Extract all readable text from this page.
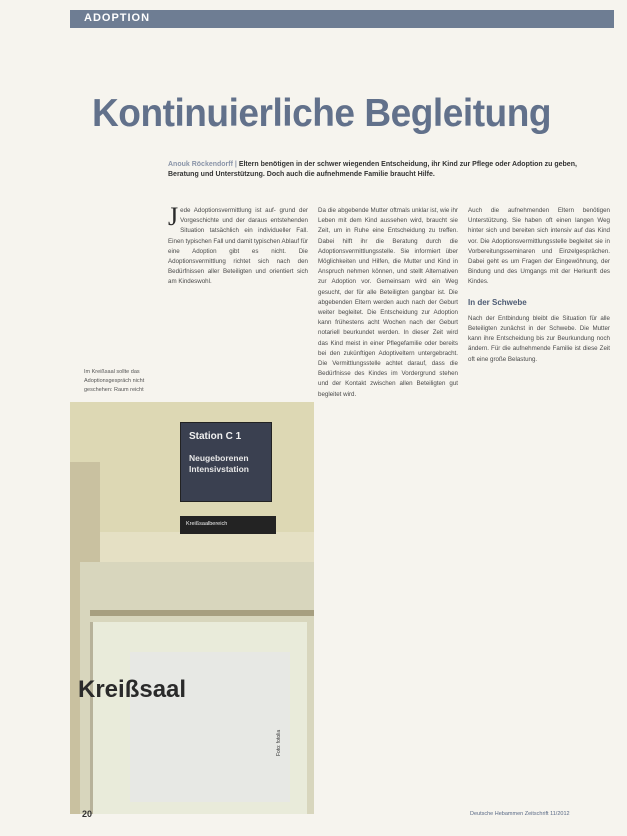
ADOPTION
Kontinuierliche Begleitung
Anouk Röckendorff | Eltern benötigen in der schwer wiegenden Entscheidung, ihr Kind zur Pflege oder Adoption zu geben, Beratung und Unterstützung. Doch auch die aufnehmende Familie braucht Hilfe.
J ede Adoptionsvermittlung ist auf- grund der Vorgeschichte und der daraus entstehenden Situation tatsächlich ein individueller Fall. Einen typischen Fall und damit typischen Ablauf für eine Adoption gibt es nicht. Die Adoptionsvermittlung richtet sich nach den Bedürfnissen aller Beteiligten und orientiert sich am Kindeswohl.

Da die abgebende Mutter oftmals unklar ist, wie ihr Leben mit dem Kind aussehen wird, braucht sie Zeit, um in Ruhe eine Entscheidung zu treffen. Dabei hilft ihr die Beratung durch die Adoptionsvermittlungsstelle. Sie informiert über Möglichkeiten und Hilfen, die Mutter und Kind in Anspruch nehmen können, und stellt Alternativen zur Adoption vor. Gemeinsam wird ein Weg gesucht, der für alle Beteiligten gangbar ist. Die abgebenden Eltern werden auch nach der Geburt weiter begleitet. Die Entscheidung zur Adoption kann frühestens acht Wochen nach der Geburt notariell beurkundet werden. In dieser Zeit wird das Kind meist in einer Pflegefamilie oder bereits bei den zukünftigen Adoptiveltern untergebracht. Die Vermittlungsstelle achtet darauf, dass die Bedürfnisse des Kindes im Vordergrund stehen und der Kontakt zwischen allen Beteiligten gut begleitet wird.

Auch die aufnehmenden Eltern benötigen Unterstützung. Sie haben oft einen langen Weg hinter sich und bereiten sich intensiv auf das Kind vor. Die Adoptionsvermittlungsstelle begleitet sie in Vorbereitungsseminaren und Einzelgesprächen. Dabei geht es um Fragen der Eingewöhnung, der Bindung und des Umgangs mit der Herkunft des Kindes.

In der Schwebe

Nach der Entbindung bleibt die Situation für alle Beteiligten zunächst in der Schwebe. Die Mutter kann ihre Entscheidung bis zur Beurkundung noch ändern. Für die aufnehmende Familie ist diese Zeit oft eine große Belastung.

Im Kreißsaal sollte das Adoptionsgespräch nicht geschehen: Raum reicht
Station C 1
Neugeborenen
Intensivstation
Kreißsaalbereich
Kreißsaal
Foto: fotolia
20	Deutsche Hebammen Zeitschrift 11/2012
